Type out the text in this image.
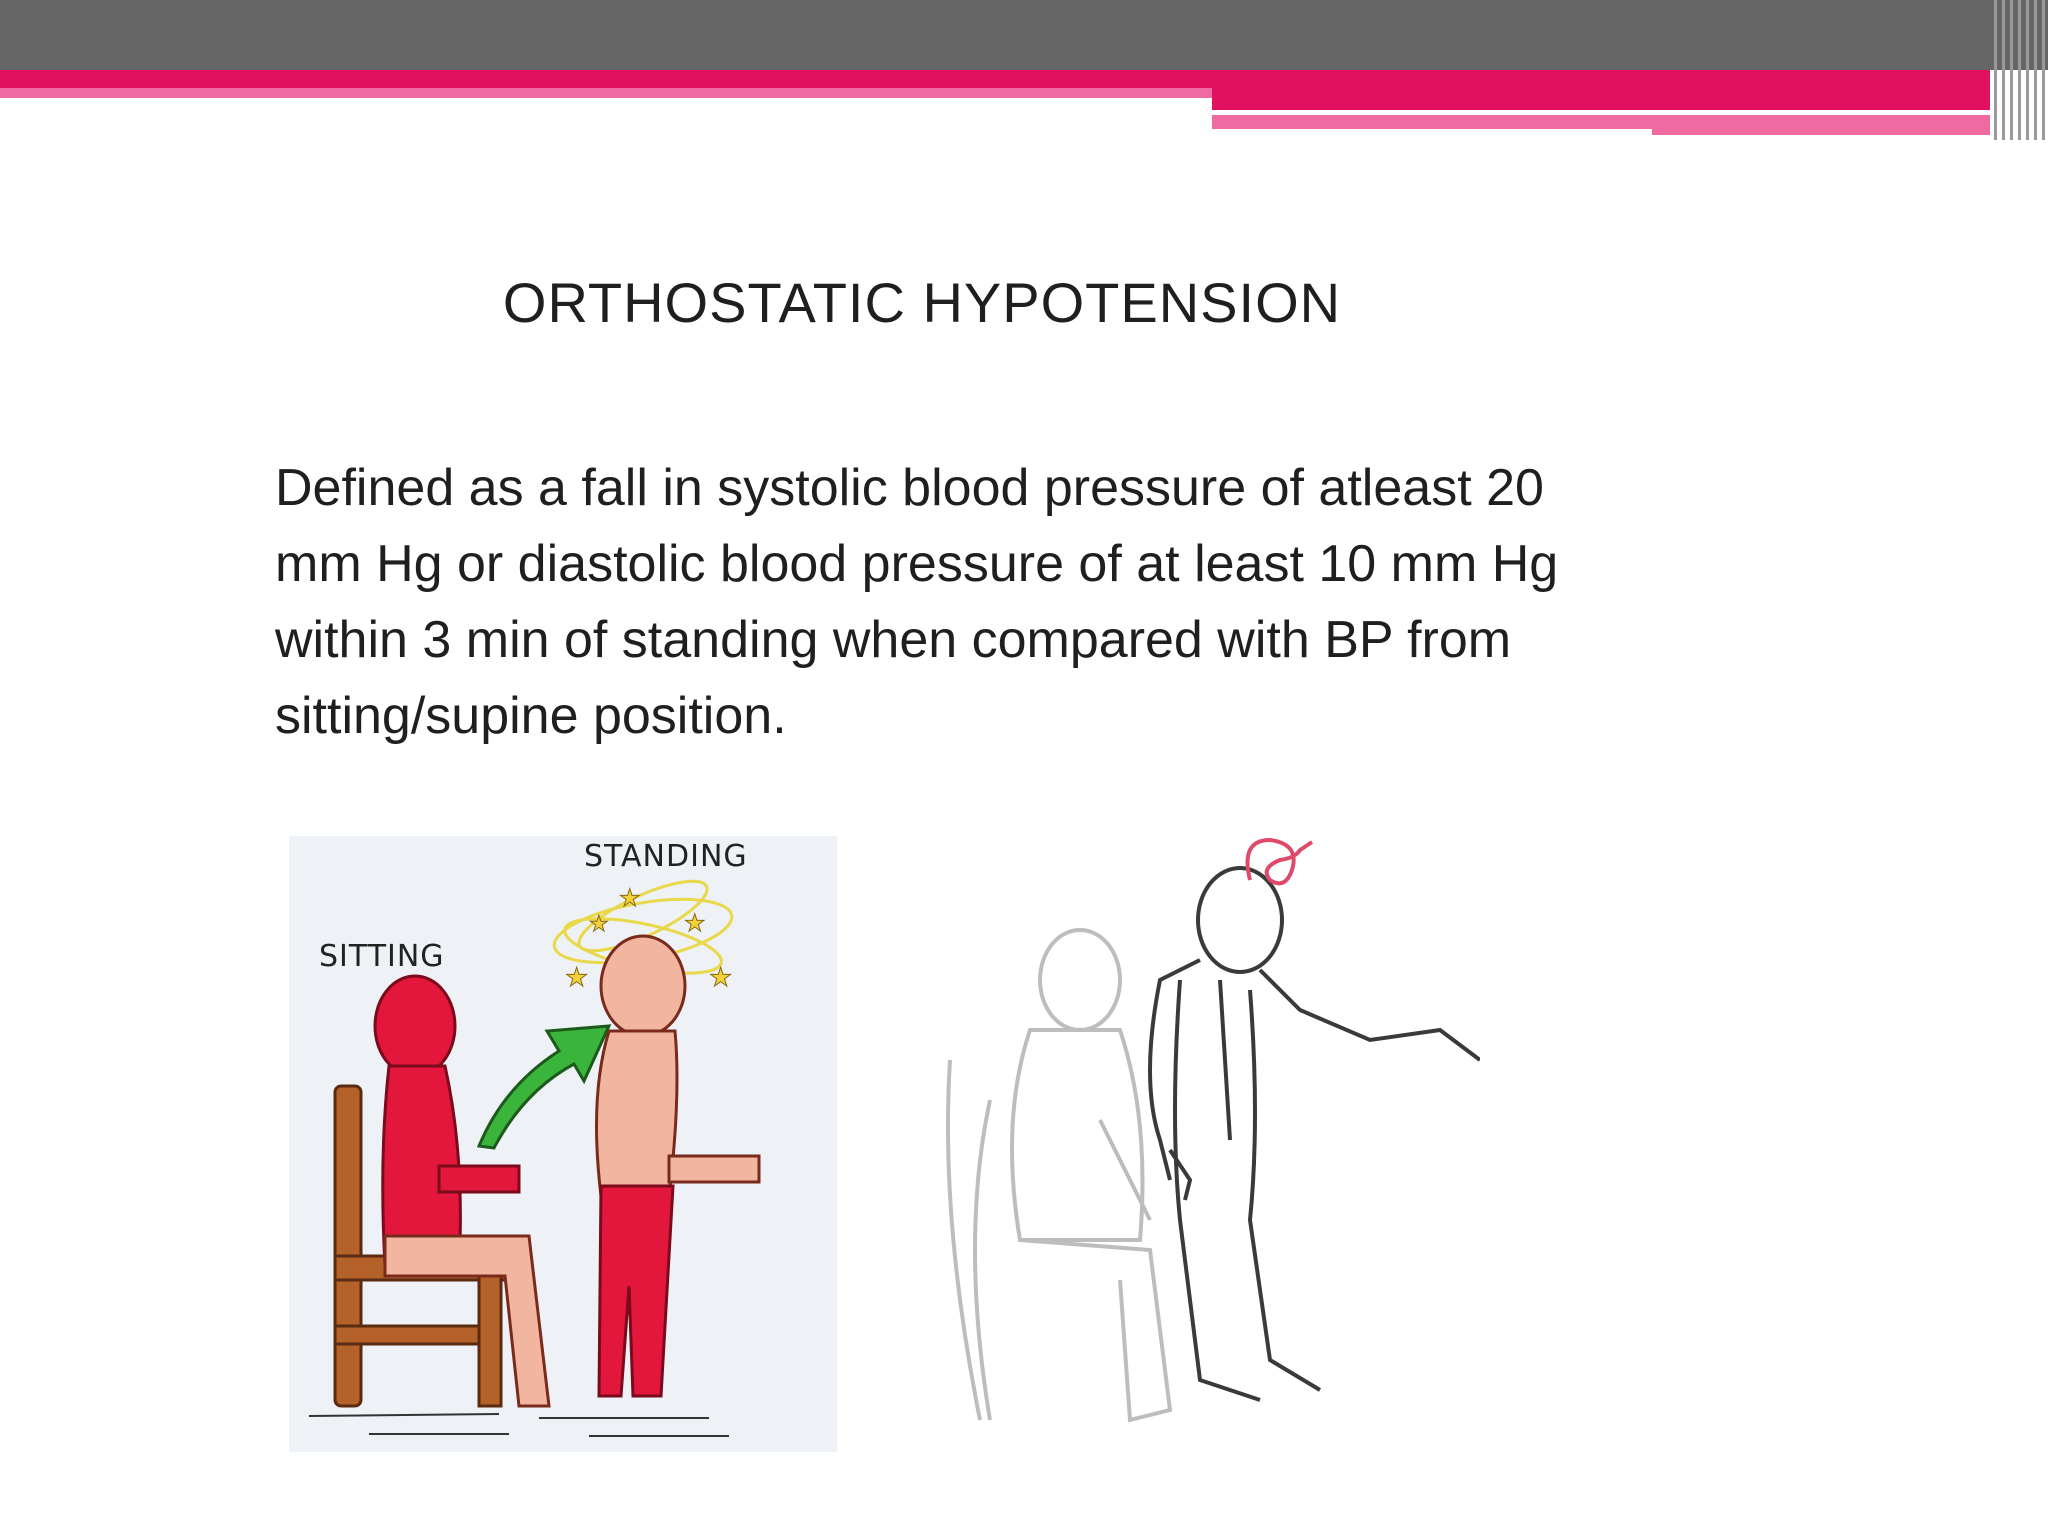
ORTHOSTATIC HYPOTENSION
Defined as a fall in systolic blood pressure of atleast 20 mm Hg or diastolic blood pressure of at least 10 mm Hg within 3 min of standing when compared with BP from sitting/supine position.
SITTING
STANDING
★	★
★
★
★
